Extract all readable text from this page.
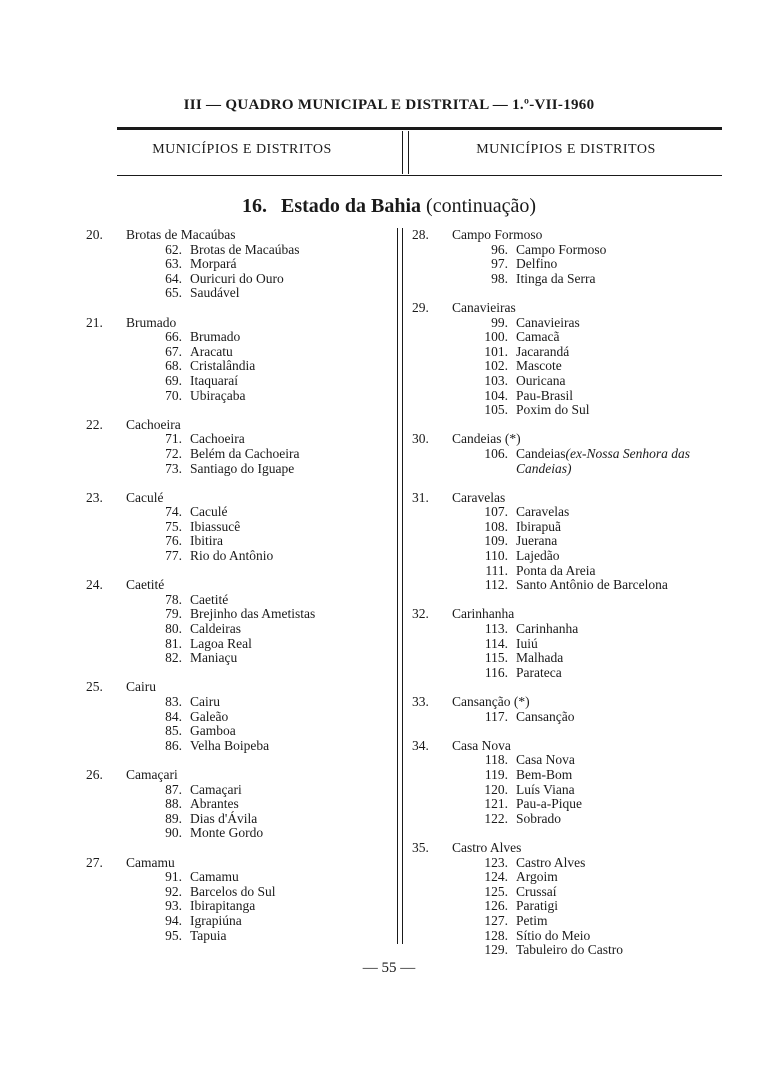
III — QUADRO MUNICIPAL E DISTRITAL — 1.º-VII-1960
MUNICÍPIOS E DISTRITOS	MUNICÍPIOS E DISTRITOS
16. Estado da Bahia (continuação)
20.	Brotas de Macaúbas
62. Brotas de Macaúbas
63. Morpará
64. Ouricuri do Ouro
65. Saudável
21.	Brumado
66. Brumado
67. Aracatu
68. Cristalândia
69. Itaquaraí
70. Ubiraçaba
22.	Cachoeira
71. Cachoeira
72. Belém da Cachoeira
73. Santiago do Iguape
23.	Caculé
74. Caculé
75. Ibiassucê
76. Ibitira
77. Rio do Antônio
24.	Caetité
78. Caetité
79. Brejinho das Ametistas
80. Caldeiras
81. Lagoa Real
82. Maniaçu
25.	Cairu
83. Cairu
84. Galeão
85. Gamboa
86. Velha Boipeba
26.	Camaçari
87. Camaçari
88. Abrantes
89. Dias d'Ávila
90. Monte Gordo
27.	Camamu
91. Camamu
92. Barcelos do Sul
93. Ibirapitanga
94. Igrapiúna
95. Tapuia
28.	Campo Formoso
96. Campo Formoso
97. Delfino
98. Itinga da Serra
29.	Canavieiras
99. Canavieiras
100. Camacã
101. Jacarandá
102. Mascote
103. Ouricana
104. Pau-Brasil
105. Poxim do Sul
30.	Candeias (*)
106. Candeias (ex-Nossa Senhora das
Candeias)
31.	Caravelas
107. Caravelas
108. Ibirapuã
109. Juerana
110. Lajedão
111. Ponta da Areia
112. Santo Antônio de Barcelona
32.	Carinhanha
113. Carinhanha
114. Iuiú
115. Malhada
116. Parateca
33.	Cansanção (*)
117. Cansanção
34.	Casa Nova
118. Casa Nova
119. Bem-Bom
120. Luís Viana
121. Pau-a-Pique
122. Sobrado
35.	Castro Alves
123. Castro Alves
124. Argoim
125. Crussaí
126. Paratigi
127. Petim
128. Sítio do Meio
129. Tabuleiro do Castro
— 55 —
